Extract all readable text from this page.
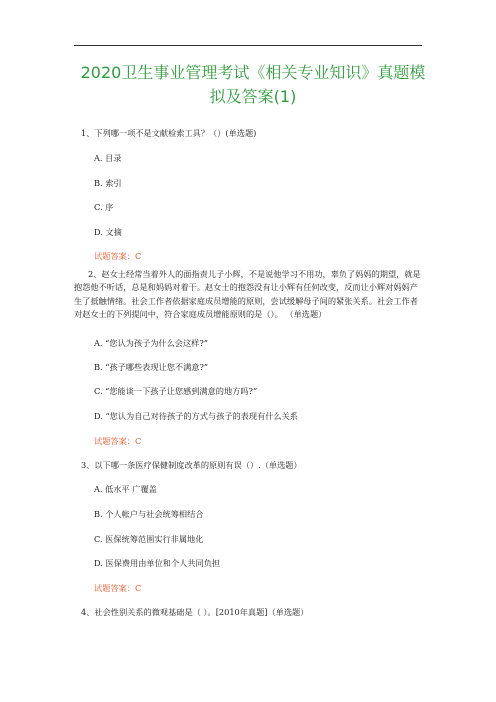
2020卫生事业管理考试《相关专业知识》真题模拟及答案(1)
1、下列哪一项不是文献检索工具？（）(单选题)
A. 目录
B. 索引
C. 序
D. 文摘
试题答案：C
2、赵女士经常当着外人的面指责儿子小辉，不是说他学习不用功，辜负了妈妈的期望，就是抱怨他不听话，总是和妈妈对着干。赵女士的抱怨没有让小辉有任何改变，反而让小辉对妈妈产生了抵触情绪。社会工作者依据家庭成员增能的原则，尝试缓解母子间的紧张关系。社会工作者对赵女士的下列提问中，符合家庭成员增能原则的是（）。 （单选题）
A. “您认为孩子为什么会这样?”
B. “孩子哪些表现让您不满意?”
C. “您能谈一下孩子让您感到满意的地方吗?”
D. “您认为自己对待孩子的方式与孩子的表现有什么关系
试题答案：C
3、以下哪一条医疗保健制度改革的原则有误（）.（单选题）
A. 低水平 广覆盖
B. 个人帐户与社会统筹相结合
C. 医保统筹范围实行非属地化
D. 医保费用由单位和个人共同负担
试题答案：C
4、社会性别关系的微观基础是（ ）。[2010年真题]（单选题）
